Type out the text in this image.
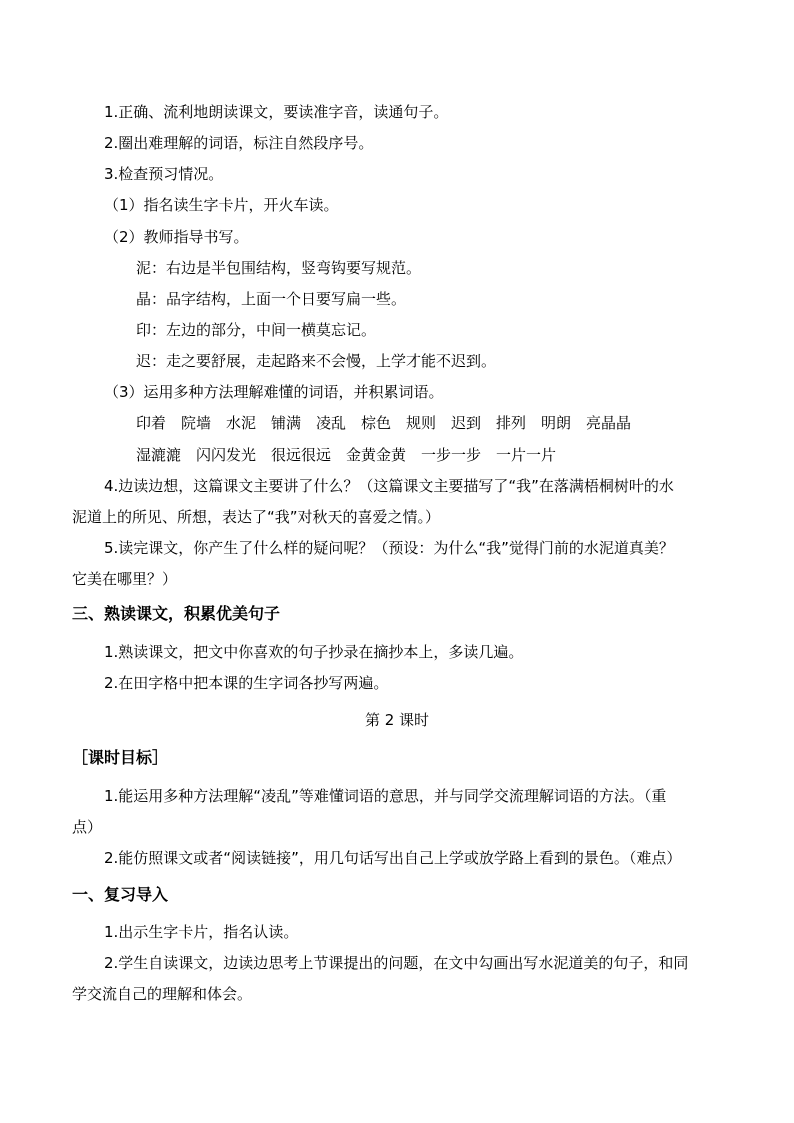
1.正确、流利地朗读课文，要读准字音，读通句子。
2.圈出难理解的词语，标注自然段序号。
3.检查预习情况。
（1）指名读生字卡片，开火车读。
（2）教师指导书写。
泥：右边是半包围结构，竖弯钩要写规范。
晶：品字结构，上面一个日要写扁一些。
印：左边的部分，中间一横莫忘记。
迟：走之要舒展，走起路来不会慢，上学才能不迟到。
（3）运用多种方法理解难懂的词语，并积累词语。
印着　院墙　水泥　铺满　凌乱　棕色　规则　迟到　排列　明朗　亮晶晶
湿漉漉　闪闪发光　很远很远　金黄金黄　一步一步　一片一片
4.边读边想，这篇课文主要讲了什么？（这篇课文主要描写了“我”在落满梧桐树叶的水
泥道上的所见、所想，表达了“我”对秋天的喜爱之情。）
5.读完课文，你产生了什么样的疑问呢？（预设：为什么“我”觉得门前的水泥道真美？
它美在哪里？）
三、熟读课文，积累优美句子
1.熟读课文，把文中你喜欢的句子抄录在摘抄本上，多读几遍。
2.在田字格中把本课的生字词各抄写两遍。
第 2 课时
［课时目标］
1.能运用多种方法理解“凌乱”等难懂词语的意思，并与同学交流理解词语的方法。（重
点）
2.能仿照课文或者“阅读链接”，用几句话写出自己上学或放学路上看到的景色。（难点）
一、复习导入
1.出示生字卡片，指名认读。
2.学生自读课文，边读边思考上节课提出的问题，在文中勾画出写水泥道美的句子，和同
学交流自己的理解和体会。
